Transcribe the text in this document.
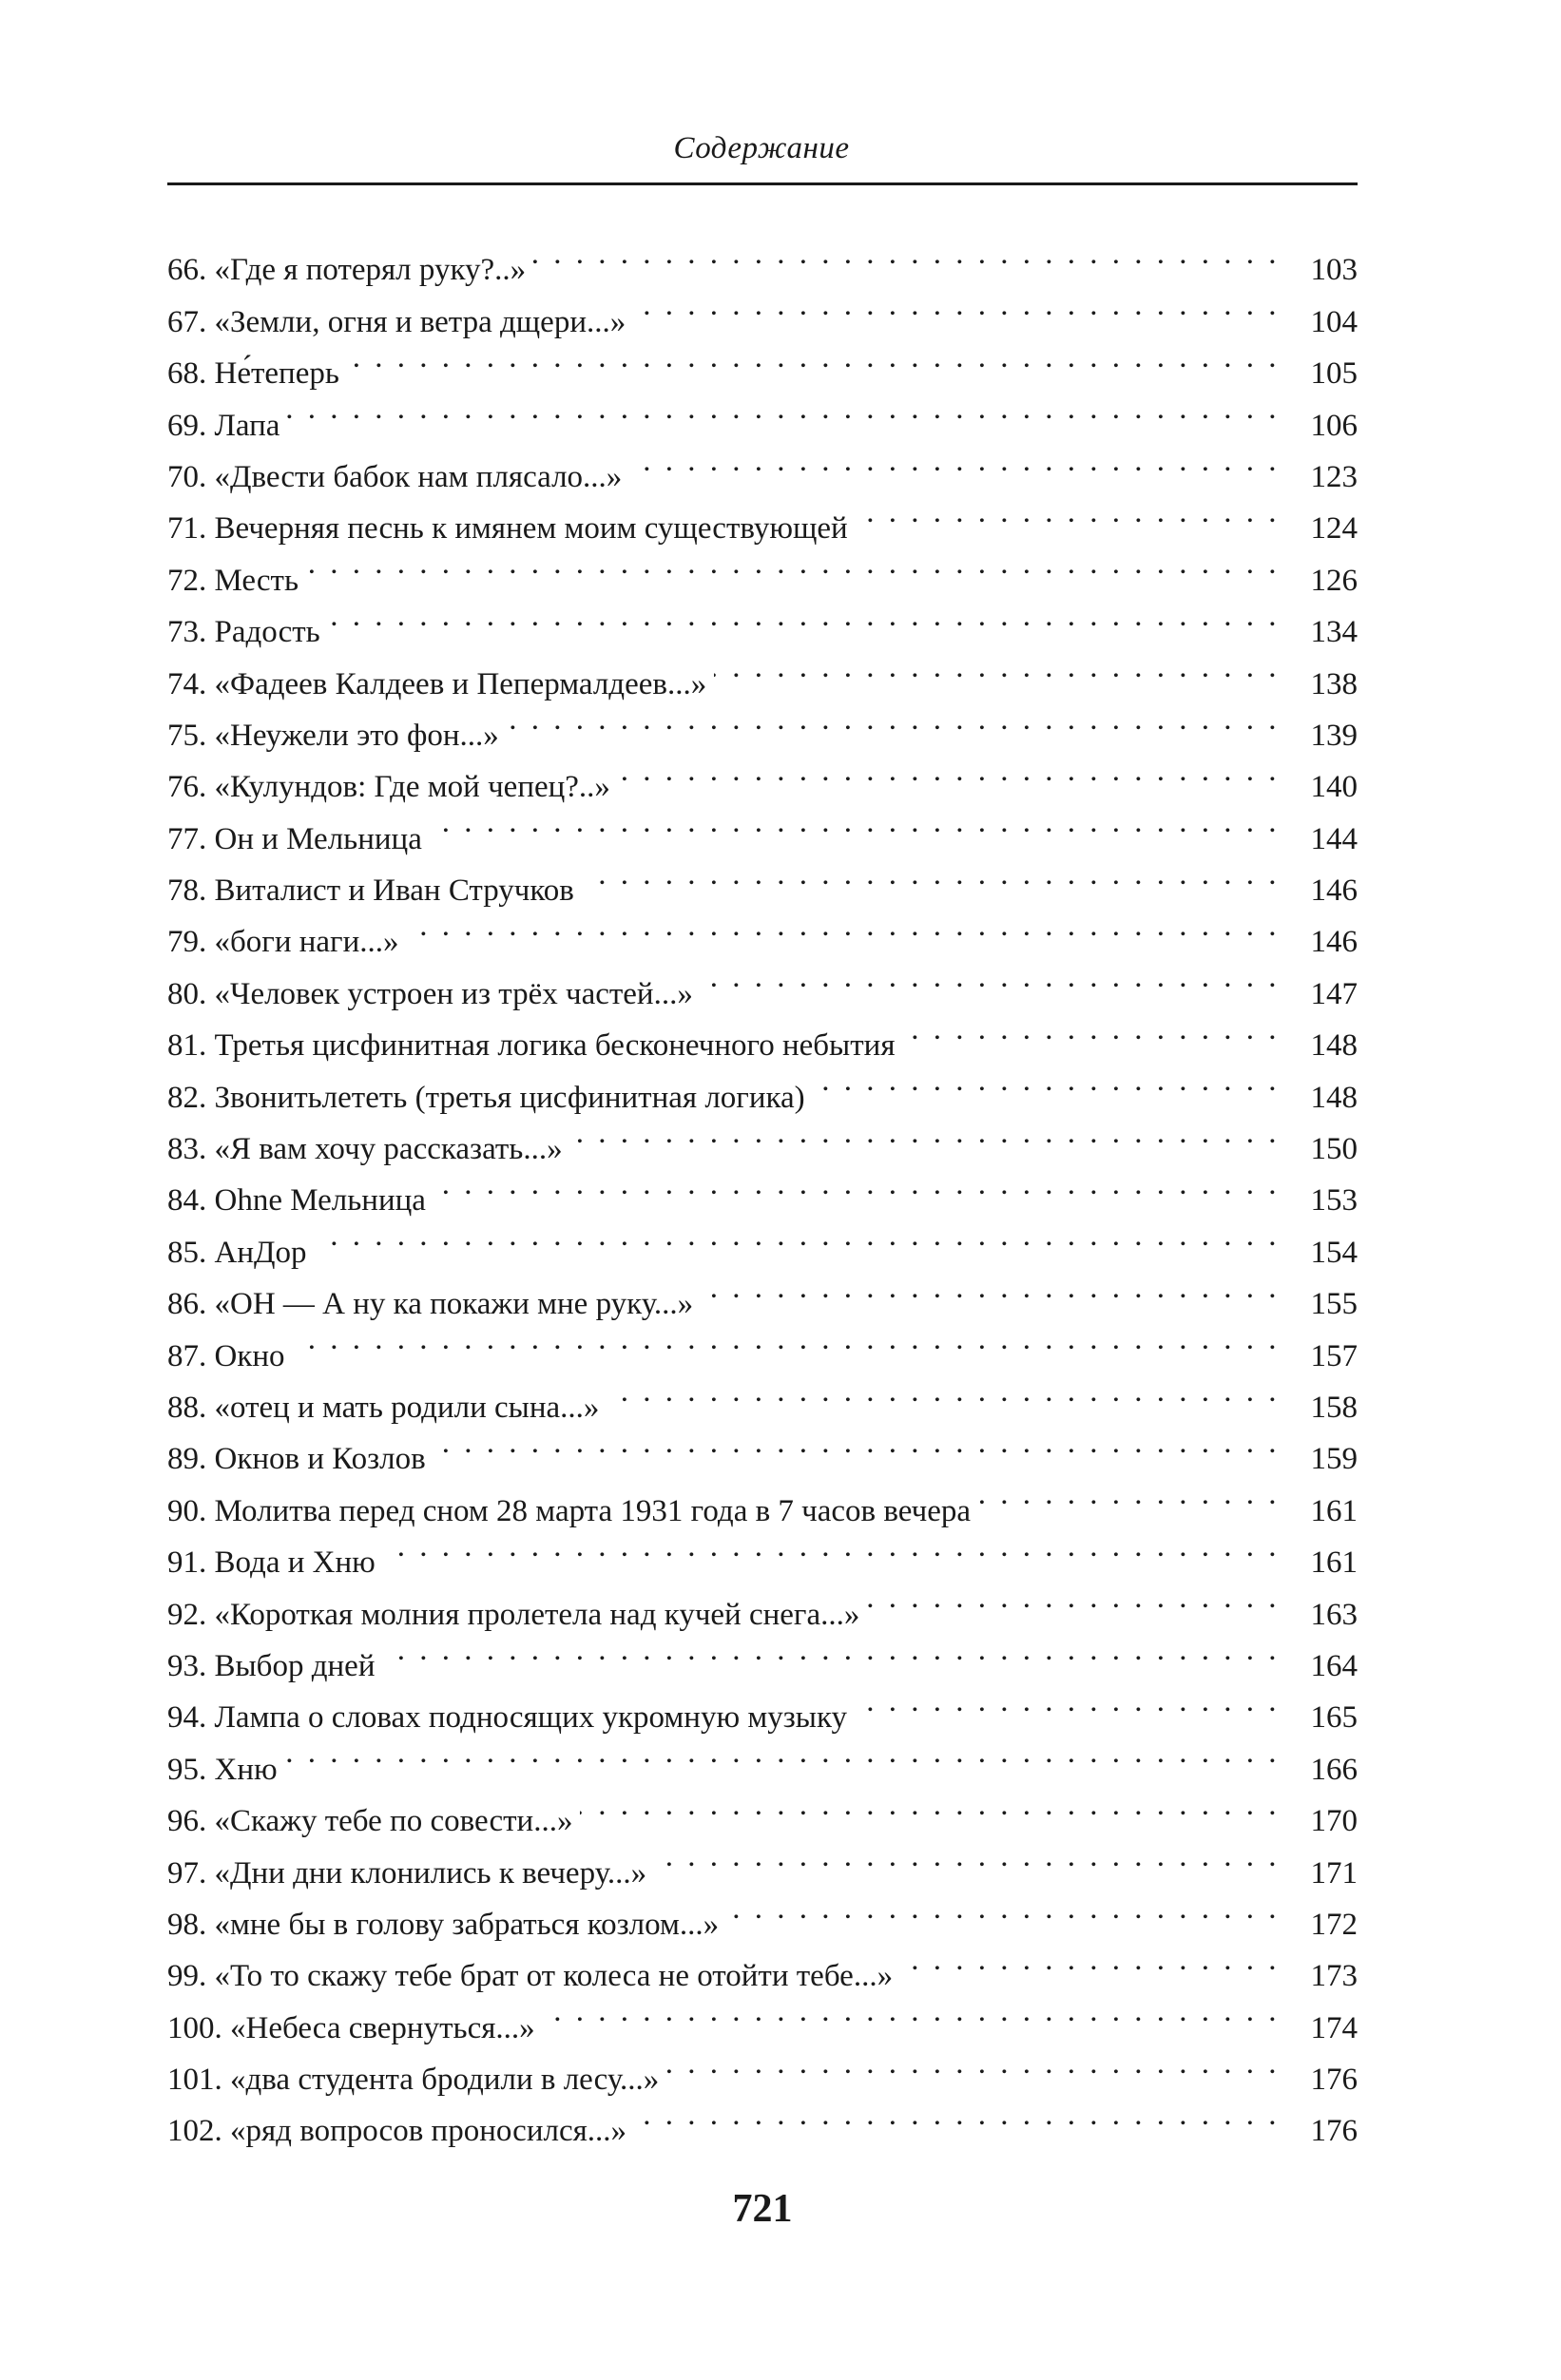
Содержание
66. «Где я потерял руку?..» . . .	103
67. «Земли, огня и ветра дщери...» . . .	104
68. Не́теперь . . .	105
69. Лапа . . .	106
70. «Двести бабок нам плясало...» . . .	123
71. Вечерняя песнь к имянем моим существующей . . .	124
72. Месть . . .	126
73. Радость . . .	134
74. «Фадеев Калдеев и Пепермалдеев...» . . .	138
75. «Неужели это фон...» . . .	139
76. «Кулундов: Где мой чепец?..» . . .	140
77. Он и Мельница . . .	144
78. Виталист и Иван Стручков . . .	146
79. «боги наги...» . . .	146
80. «Человек устроен из трёх частей...» . . .	147
81. Третья цисфинитная логика бесконечного небытия . . .	148
82. Звонитьлететь (третья цисфинитная логика) . . .	148
83. «Я вам хочу рассказать...» . . .	150
84. Ohne Мельница . . .	153
85. АнДор . . .	154
86. «ОН — А ну ка покажи мне руку...» . . .	155
87. Окно . . .	157
88. «отец и мать родили сына...» . . .	158
89. Окнов и Козлов . . .	159
90. Молитва перед сном 28 марта 1931 года в 7 часов вечера . . .	161
91. Вода и Хню . . .	161
92. «Короткая молния пролетела над кучей снега...» . . .	163
93. Выбор дней . . .	164
94. Лампа о словах подносящих укромную музыку . . .	165
95. Хню . . .	166
96. «Скажу тебе по совести...» . . .	170
97. «Дни дни клонились к вечеру...» . . .	171
98. «мне бы в голову забраться козлом...» . . .	172
99. «То то скажу тебе брат от колеса не отойти тебе...» . . .	173
100. «Небеса свернуться...» . . .	174
101. «два студента бродили в лесу...» . . .	176
102. «ряд вопросов проносился...» . . .	176
721
